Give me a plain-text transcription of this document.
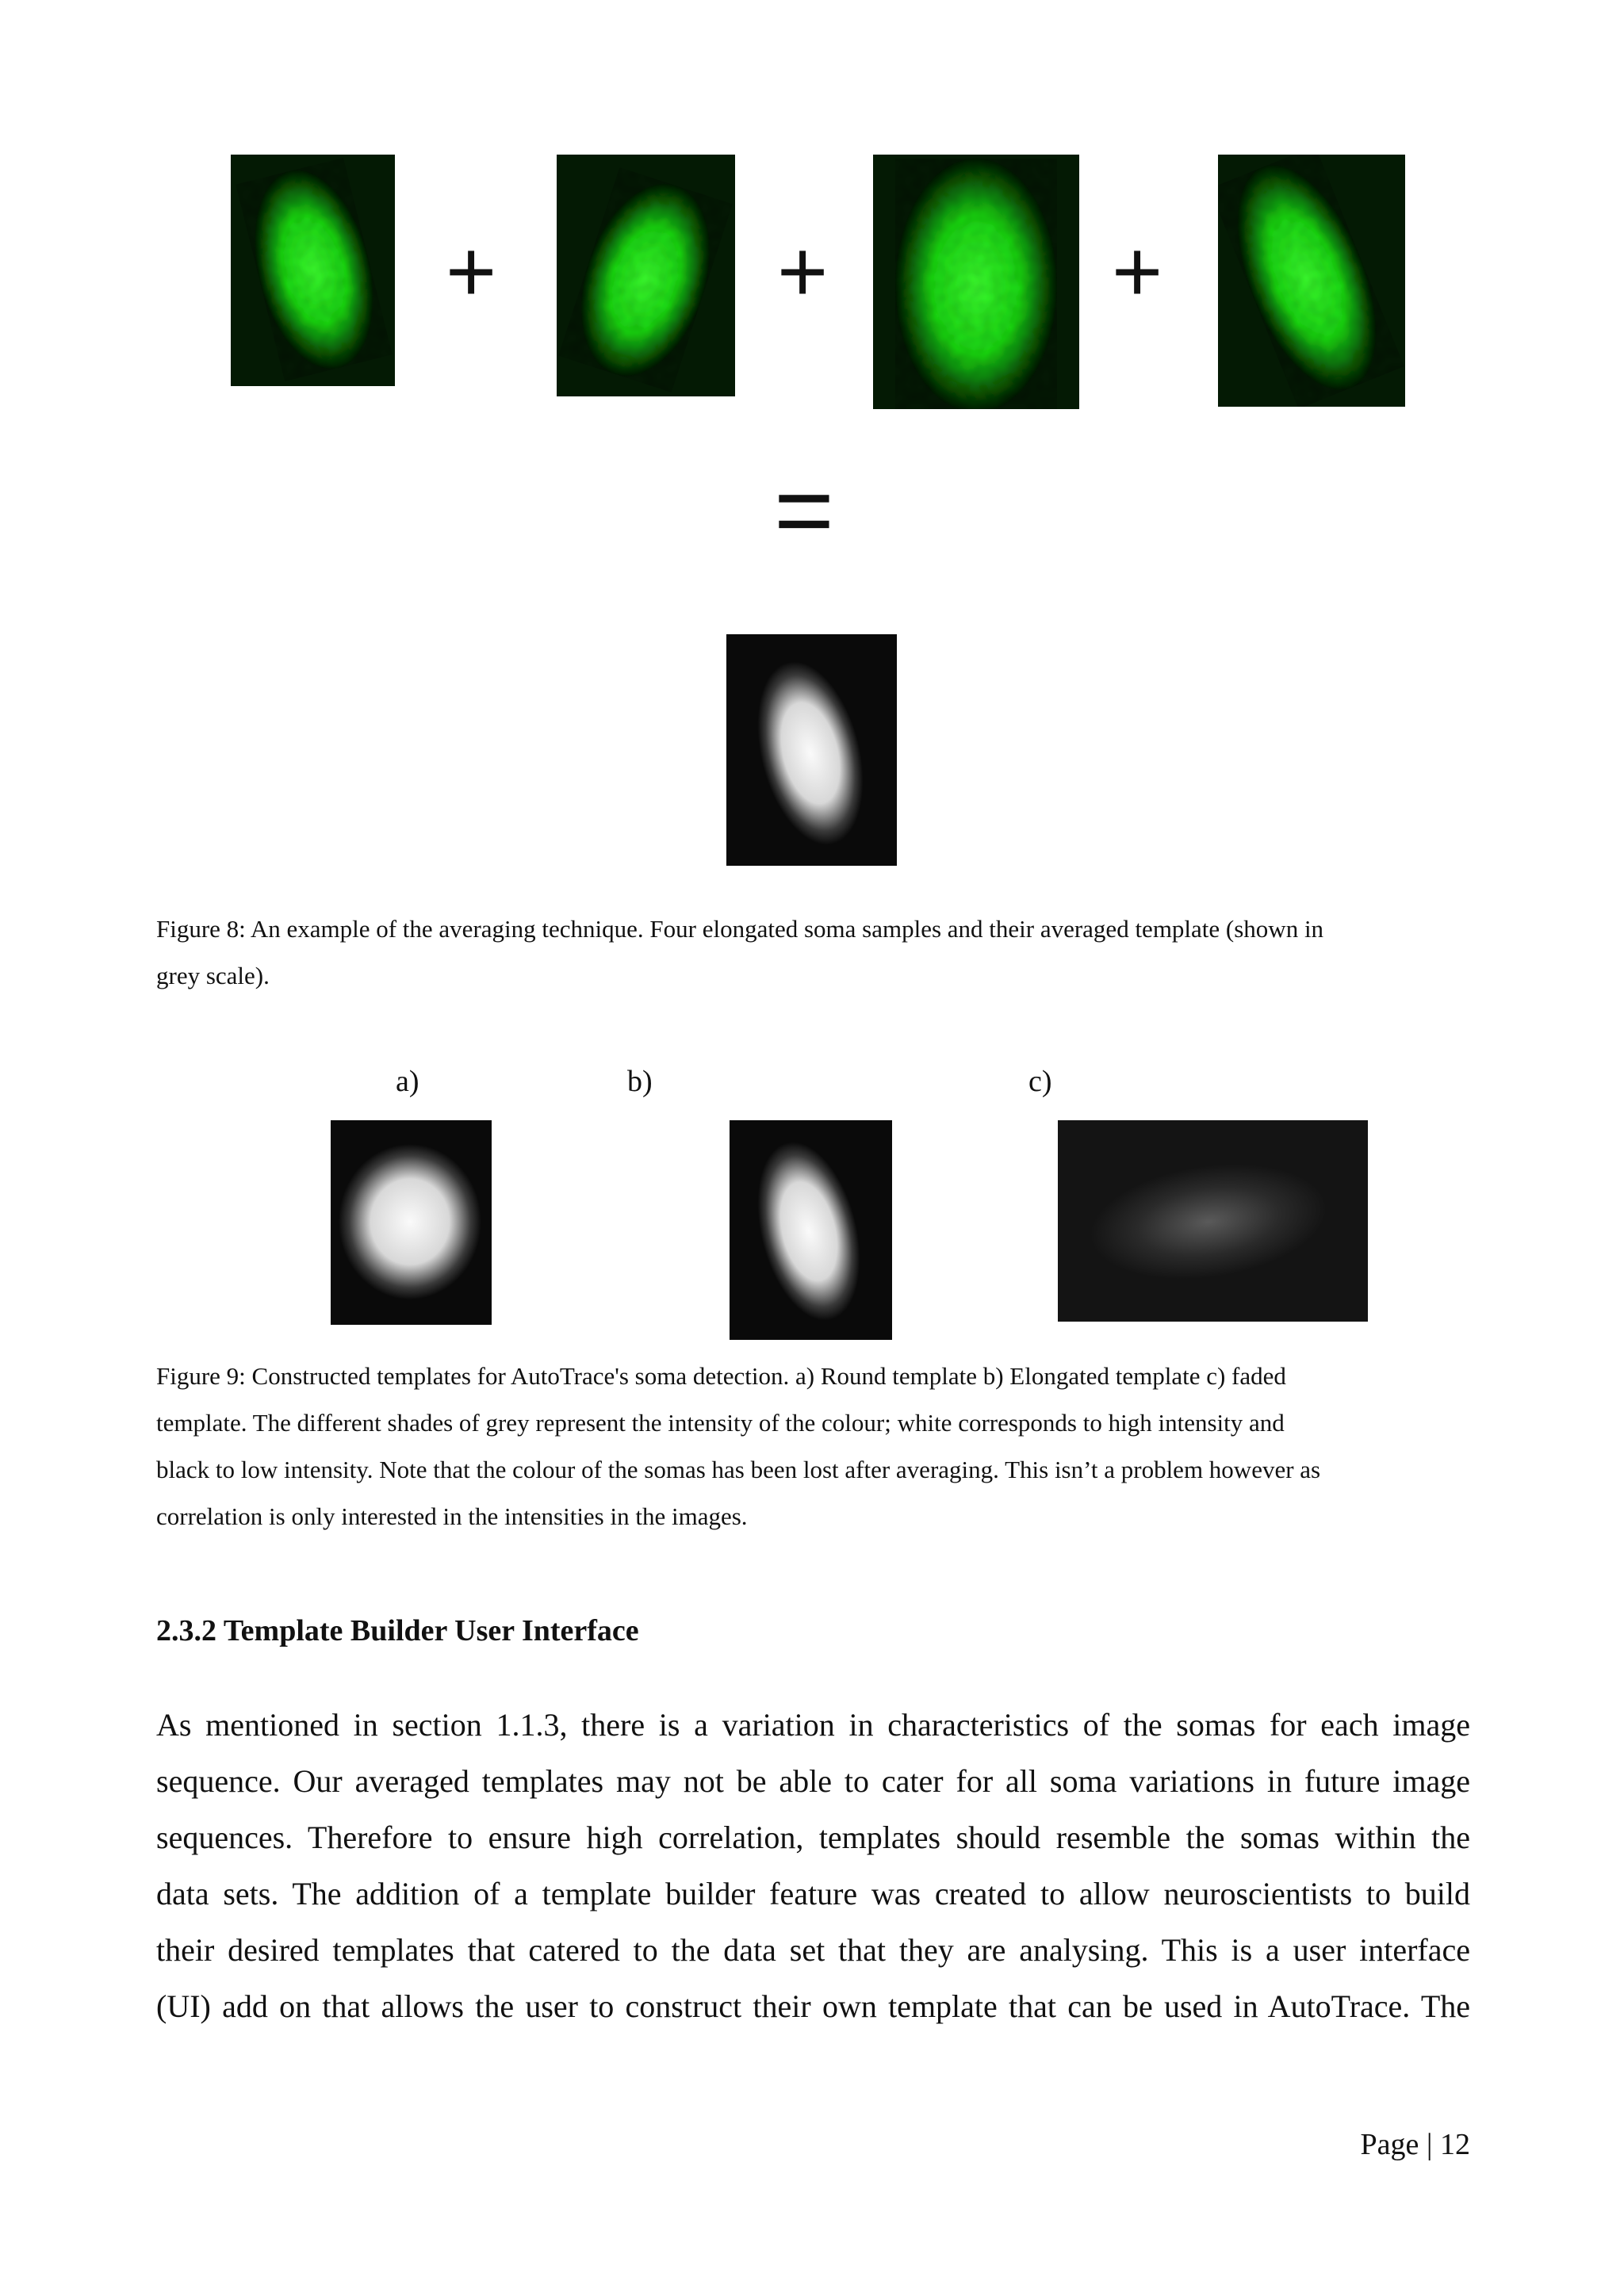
+	+	+
=

Figure 8: An example of the averaging technique. Four elongated soma samples and their averaged template (shown in
grey scale).

a)	b)	c)

Figure 9: Constructed templates for AutoTrace's soma detection. a) Round template b) Elongated template c) faded
template. The different shades of grey represent the intensity of the colour; white corresponds to high intensity and
black to low intensity. Note that the colour of the somas has been lost after averaging. This isn’t a problem however as
correlation is only interested in the intensities in the images.

2.3.2 Template Builder User Interface
As mentioned in section 1.1.3, there is a variation in characteristics of the somas for each image
sequence. Our averaged templates may not be able to cater for all soma variations in future image
sequences. Therefore to ensure high correlation, templates should resemble the somas within the
data sets. The addition of a template builder feature was created to allow neuroscientists to build
their desired templates that catered to the data set that they are analysing. This is a user interface
(UI) add on that allows the user to construct their own template that can be used in AutoTrace. The
Page | 12
